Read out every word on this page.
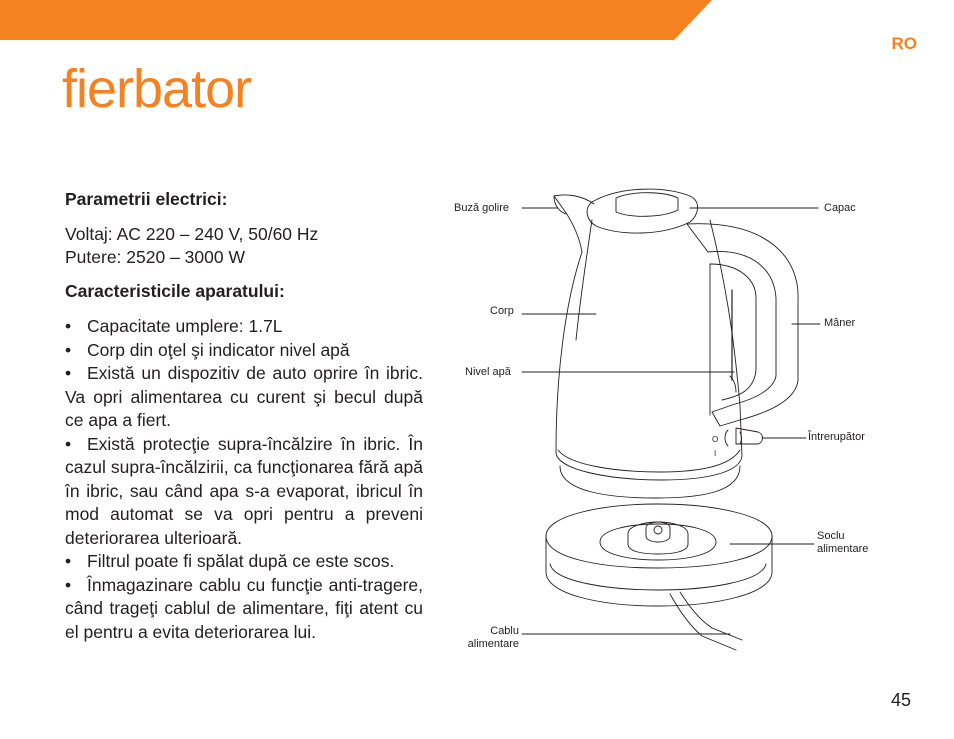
RO
fierbator

Parametrii electrici:

Voltaj: AC 220 – 240 V, 50/60 Hz

Putere: 2520 – 3000 W

Caracteristicile aparatului:

• Capacitate umplere: 1.7L

• Corp din oţel şi indicator nivel apă

• Există un dispozitiv de auto oprire în ibric. Va opri alimentarea cu curent şi becul după ce apa a fiert.

• Există protecţie supra-încălzire în ibric. În cazul supra-încălzirii, ca funcţionarea fără apă în ibric, sau când apa s-a evaporat, ibricul în mod automat se va opri pentru a preveni deteriorarea ulterioară.

• Filtrul poate fi spălat după ce este scos.

• Înmagazinare cablu cu funcţie anti-tragere, când trageţi cablul de alimentare, fiţi atent cu el pentru a evita deteriorarea lui.

O
I
Buză golire	Capac
Corp
Mâner
Nivel apă
Întrerupător
Soclu
alimentare
Cablu
alimentare
45
